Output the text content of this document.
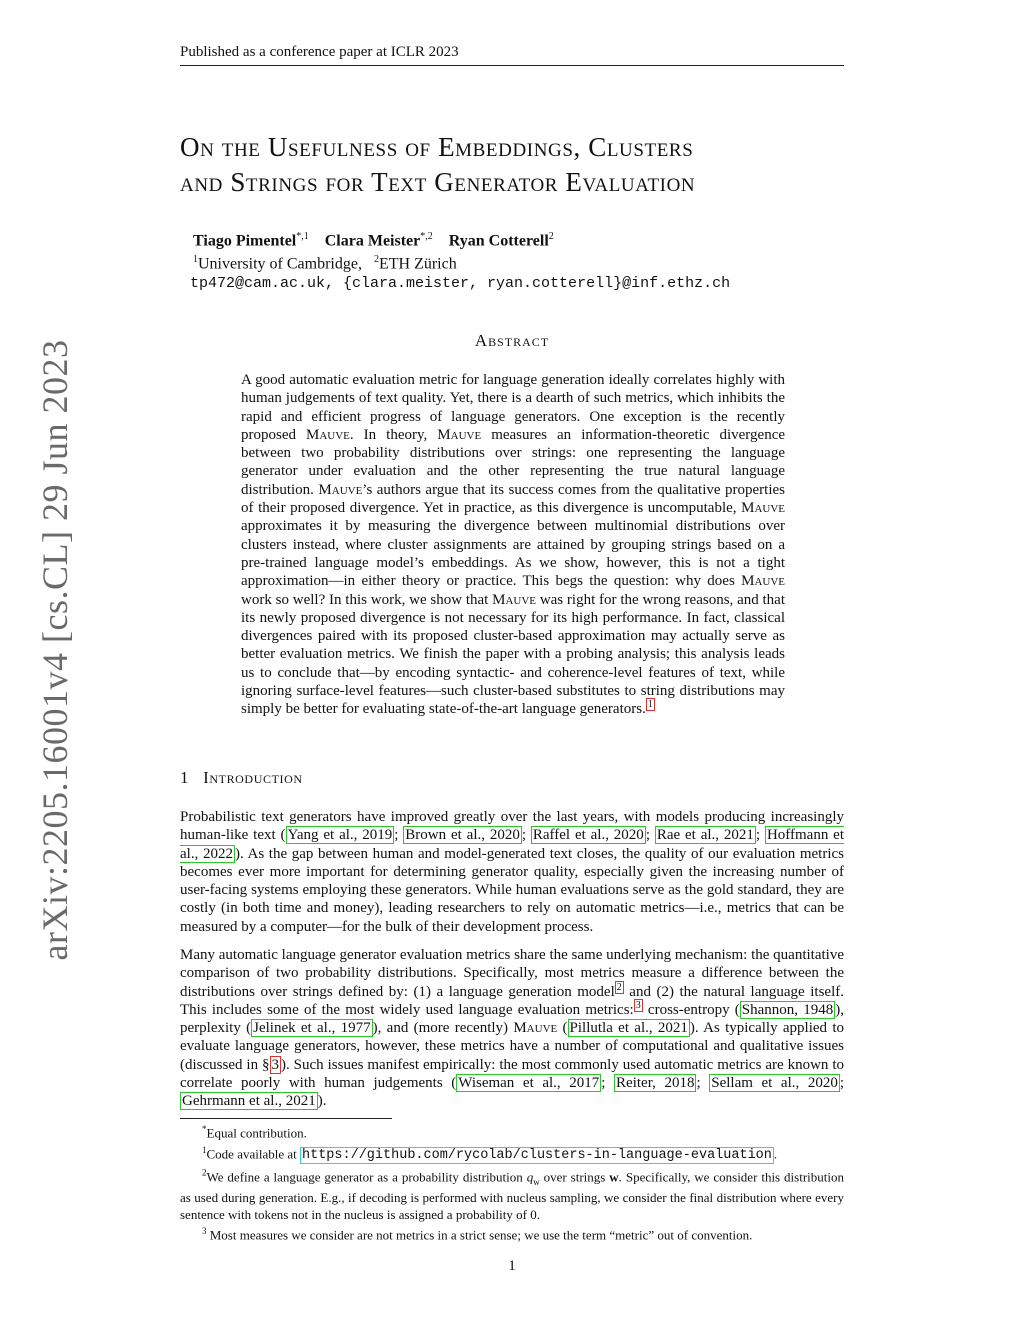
Published as a conference paper at ICLR 2023
arXiv:2205.16001v4 [cs.CL] 29 Jun 2023
On the Usefulness of Embeddings, Clusters
and Strings for Text Generator Evaluation
Tiago Pimentel$^{*,1}$ Clara Meister$^{*,2}$ Ryan Cotterell$^2$
$^1$University of Cambridge, $^2$ETH Zürich
tp472@cam.ac.uk, {clara.meister, ryan.cotterell}@inf.ethz.ch
Abstract

A good automatic evaluation metric for language generation ideally correlates highly with human judgements of text quality. Yet, there is a dearth of such metrics, which inhibits the rapid and efficient progress of language generators. One exception is the recently proposed Mauve. In theory, Mauve measures an information-theoretic divergence between two probability distributions over strings: one representing the language generator under evaluation and the other representing the true natural language distribution. Mauve’s authors argue that its success comes from the qualitative properties of their proposed divergence. Yet in practice, as this divergence is uncomputable, Mauve approximates it by measuring the divergence between multinomial distributions over clusters instead, where cluster assignments are attained by grouping strings based on a pre-trained language model’s embeddings. As we show, however, this is not a tight approximation—in either theory or practice. This begs the question: why does Mauve work so well? In this work, we show that Mauve was right for the wrong reasons, and that its newly proposed divergence is not necessary for its high performance. In fact, classical divergences paired with its proposed cluster-based approximation may actually serve as better evaluation metrics. We finish the paper with a probing analysis; this analysis leads us to conclude that—by encoding syntactic- and coherence-level features of text, while ignoring surface-level features—such cluster-based substitutes to string distributions may simply be better for evaluating state-of-the-art language generators. $^1$

1 Introduction

Probabilistic text generators have improved greatly over the last years, with models producing increasingly human-like text ( Yang et al., 2019 ; Brown et al., 2020 ; Raffel et al., 2020 ; Rae et al., 2021 ; Hoffmann et al., 2022 ). As the gap between human and model-generated text closes, the quality of our evaluation metrics becomes ever more important for determining generator quality, especially given the increasing number of user-facing systems employing these generators. While human evaluations serve as the gold standard, they are costly (in both time and money), leading researchers to rely on automatic metrics—i.e., metrics that can be measured by a computer—for the bulk of their development process.

Many automatic language generator evaluation metrics share the same underlying mechanism: the quantitative comparison of two probability distributions. Specifically, most metrics measure a difference between the distributions over strings defined by: (1) a language generation model $^2$ and (2) the natural language itself. This includes some of the most widely used language evaluation metrics: $^3$ cross-entropy ( Shannon, 1948 ), perplexity ( Jelinek et al., 1977 ), and (more recently) Mauve ( Pillutla et al., 2021 ). As typically applied to evaluate language generators, however, these metrics have a number of computational and qualitative issues (discussed in § 3 ). Such issues manifest empirically: the most commonly used automatic metrics are known to correlate poorly with human judgements ( Wiseman et al., 2017 ; Reiter, 2018 ; Sellam et al., 2020 ; Gehrmann et al., 2021 ).

*Equal contribution.

$^1$Code available at https://github.com/rycolab/clusters-in-language-evaluation .

$^2$We define a language generator as a probability distribution $q_w$ over strings w. Specifically, we consider this distribution as used during generation. E.g., if decoding is performed with nucleus sampling, we consider the final distribution where every sentence with tokens not in the nucleus is assigned a probability of 0.

$^3$ Most measures we consider are not metrics in a strict sense; we use the term “metric” out of convention.

1
